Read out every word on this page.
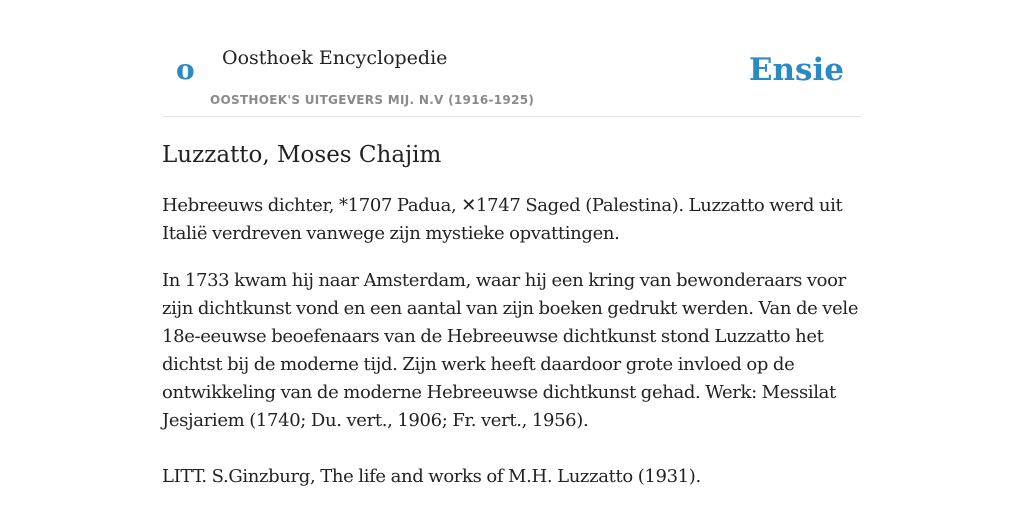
o Oosthoek Encyclopedie
OOSTHOEK'S UITGEVERS MIJ. N.V (1916-1925)
Ensie
Luzzatto, Moses Chajim

Hebreeuws dichter, *1707 Padua, ✕1747 Saged (Palestina). Luzzatto werd uit Italië verdreven vanwege zijn mystieke opvattingen.

In 1733 kwam hij naar Amsterdam, waar hij een kring van bewonderaars voor zijn dichtkunst vond en een aantal van zijn boeken gedrukt werden. Van de vele 18e-eeuwse beoefenaars van de Hebreeuwse dichtkunst stond Luzzatto het dichtst bij de moderne tijd. Zijn werk heeft daardoor grote invloed op de ontwikkeling van de moderne Hebreeuwse dichtkunst gehad. Werk: Messilat Jesjariem (1740; Du. vert., 1906; Fr. vert., 1956).

LITT. S.Ginzburg, The life and works of M.H. Luzzatto (1931).
